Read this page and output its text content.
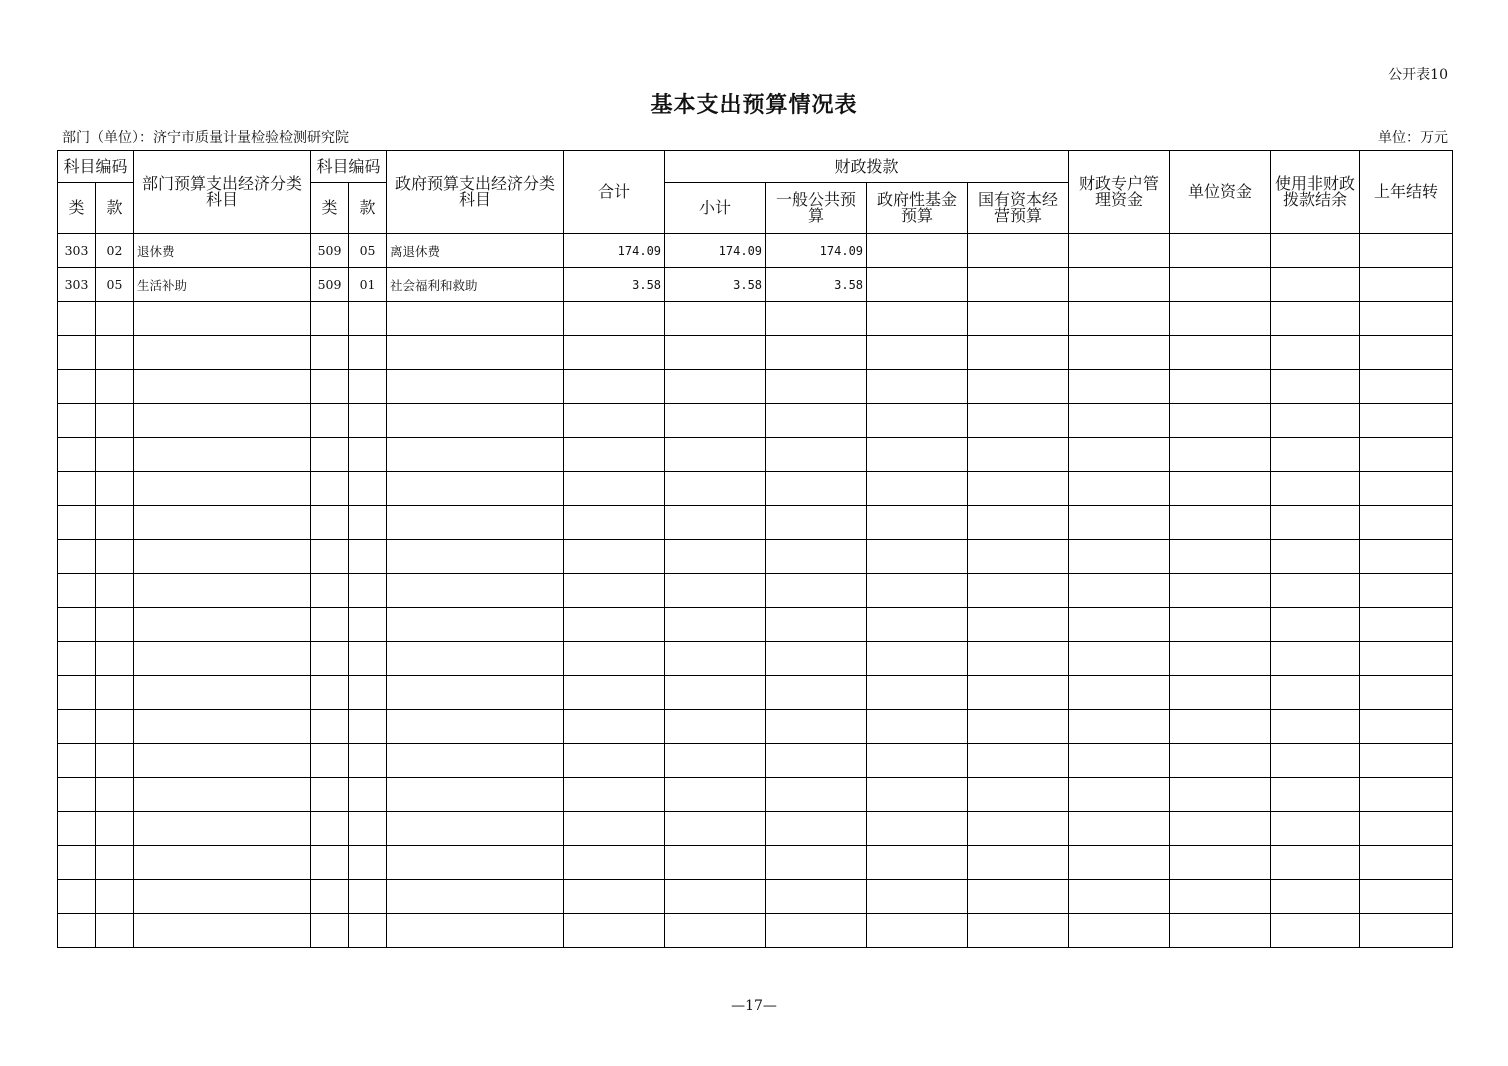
公开表10
基本支出预算情况表
部门（单位）：济宁市质量计量检验检测研究院	单位：万元
科目编码		部门预算支出经济分类科目	科目编码		政府预算支出经济分类科目	合计	财政拨款				财政专户管理资金	单位资金	使用非财政拨款结余	上年结转
类	款		类	款			小计	一般公共预算	政府性基金预算	国有资本经营预算				
303	02	退休费	509	05	离退休费	174.09	174.09	174.09						
303	05	生活补助	509	01	社会福利和救助	3.58	3.58	3.58						

—17—
